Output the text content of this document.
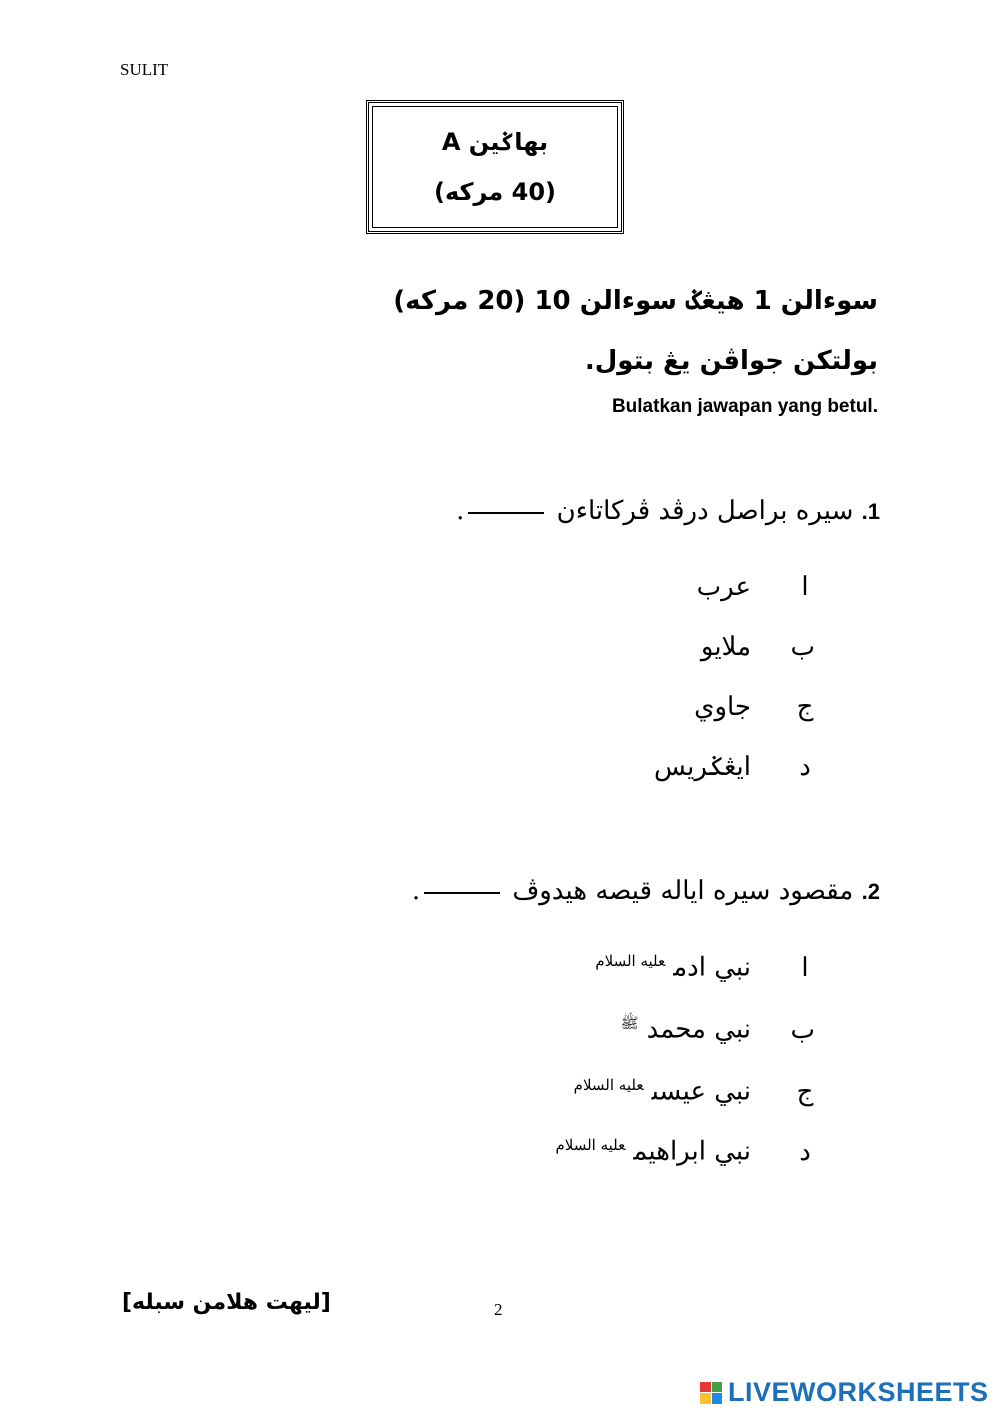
SULIT
بهاݢين A
(40 مركه)
سوءالن 1 هيڠݢ سوءالن 10 (20 مركه)
بولتكن جواڤن يڠ بتول.
Bulatkan jawapan yang betul.
1. سيره براصل درڤد ڤركاتاءن .
ا
عرب
ب
ملايو
ج
جاوي
د
ايڠݢريس
2. مقصود سيره اياله قيصه هيدوڤ .
ا
نبي ادم$^{عليه السلام}$
ب
نبي محمد$^ﷺ$
ج
نبي عيسى$^{عليه السلام}$
د
نبي ابراهيم$^{عليه السلام}$
[ليهت هلامن سبله]	2
LIVEWORKSHEETS
